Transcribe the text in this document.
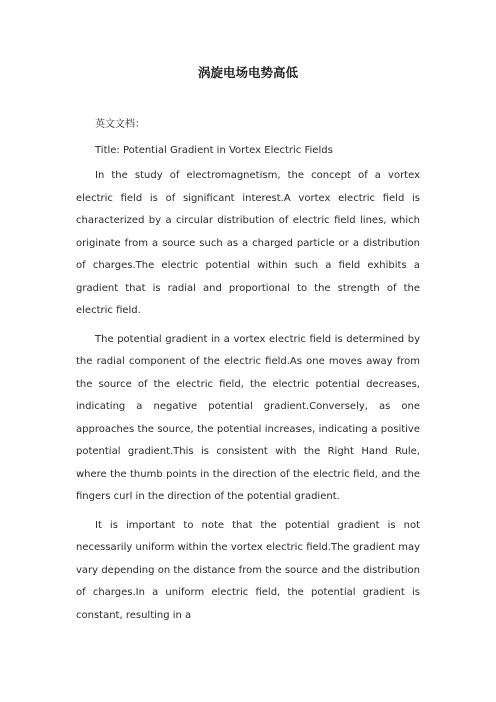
涡旋电场电势高低

英文文档：

Title: Potential Gradient in Vortex Electric Fields

In the study of electromagnetism, the concept of a vortex electric field is of significant interest.A vortex electric field is characterized by a circular distribution of electric field lines, which originate from a source such as a charged particle or a distribution of charges.The electric potential within such a field exhibits a gradient that is radial and proportional to the strength of the electric field.

The potential gradient in a vortex electric field is determined by the radial component of the electric field.As one moves away from the source of the electric field, the electric potential decreases, indicating a negative potential gradient.Conversely, as one approaches the source, the potential increases, indicating a positive potential gradient.This is consistent with the Right Hand Rule, where the thumb points in the direction of the electric field, and the fingers curl in the direction of the potential gradient.

It is important to note that the potential gradient is not necessarily uniform within the vortex electric field.The gradient may vary depending on the distance from the source and the distribution of charges.In a uniform electric field, the potential gradient is constant, resulting in a
